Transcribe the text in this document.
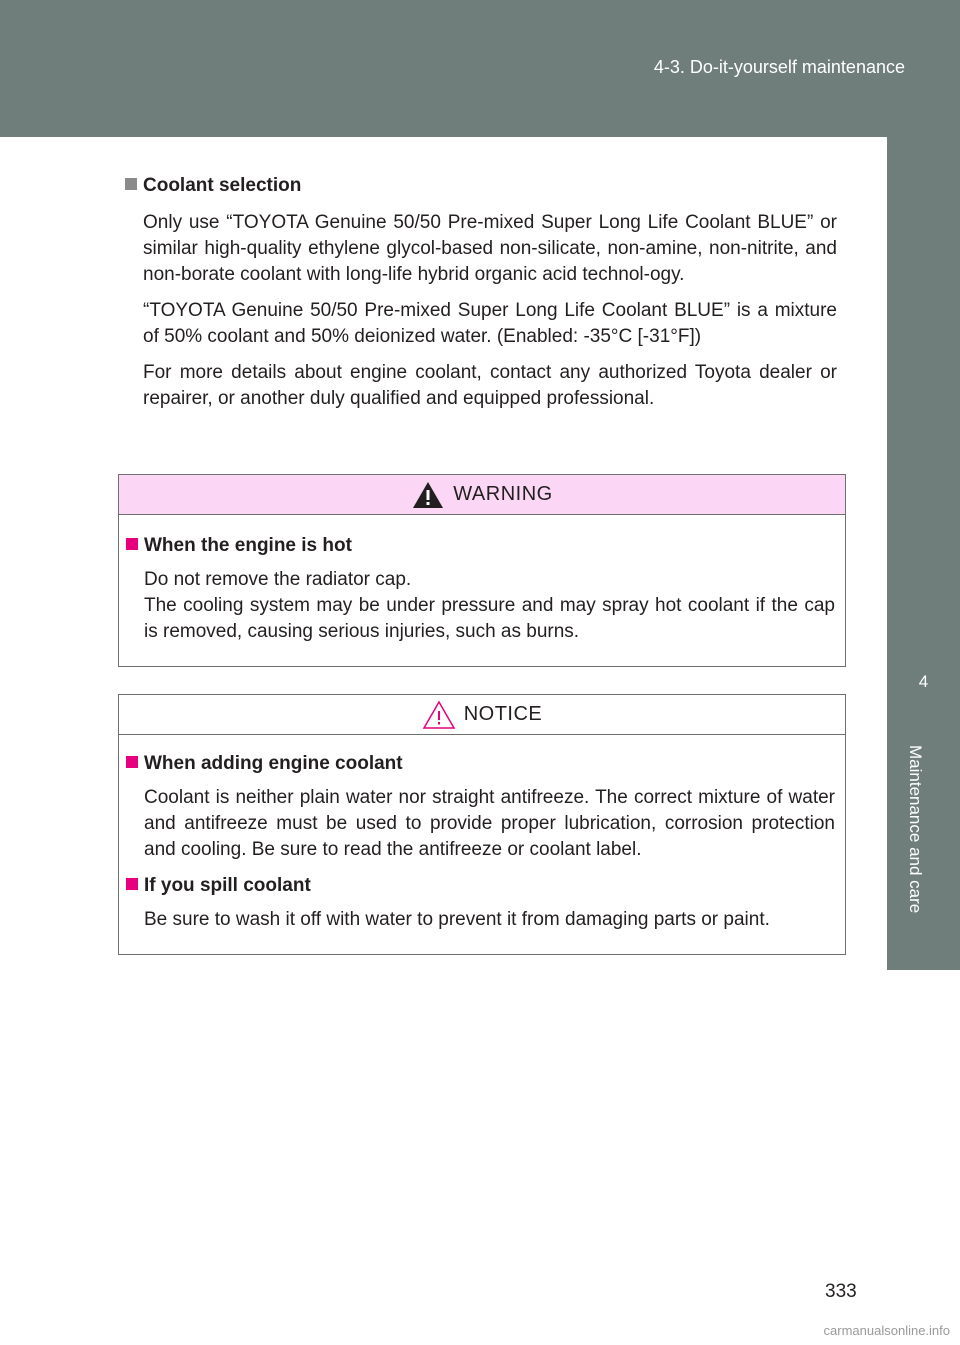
4-3. Do-it-yourself maintenance
4
Maintenance and care

Coolant selection

Only use “TOYOTA Genuine 50/50 Pre-mixed Super Long Life Coolant BLUE” or similar high-quality ethylene glycol-based non-silicate, non-amine, non-nitrite, and non-borate coolant with long-life hybrid organic acid technol-ogy.

“TOYOTA Genuine 50/50 Pre-mixed Super Long Life Coolant BLUE” is a mixture of 50% coolant and 50% deionized water. (Enabled: -35°C [-31°F])

For more details about engine coolant, contact any authorized Toyota dealer or repairer, or another duly qualified and equipped professional.

WARNING

When the engine is hot

Do not remove the radiator cap.
The cooling system may be under pressure and may spray hot coolant if the cap is removed, causing serious injuries, such as burns.

NOTICE

When adding engine coolant

Coolant is neither plain water nor straight antifreeze. The correct mixture of water and antifreeze must be used to provide proper lubrication, corrosion protection and cooling. Be sure to read the antifreeze or coolant label.

If you spill coolant

Be sure to wash it off with water to prevent it from damaging parts or paint.

333
carmanualsonline.info
